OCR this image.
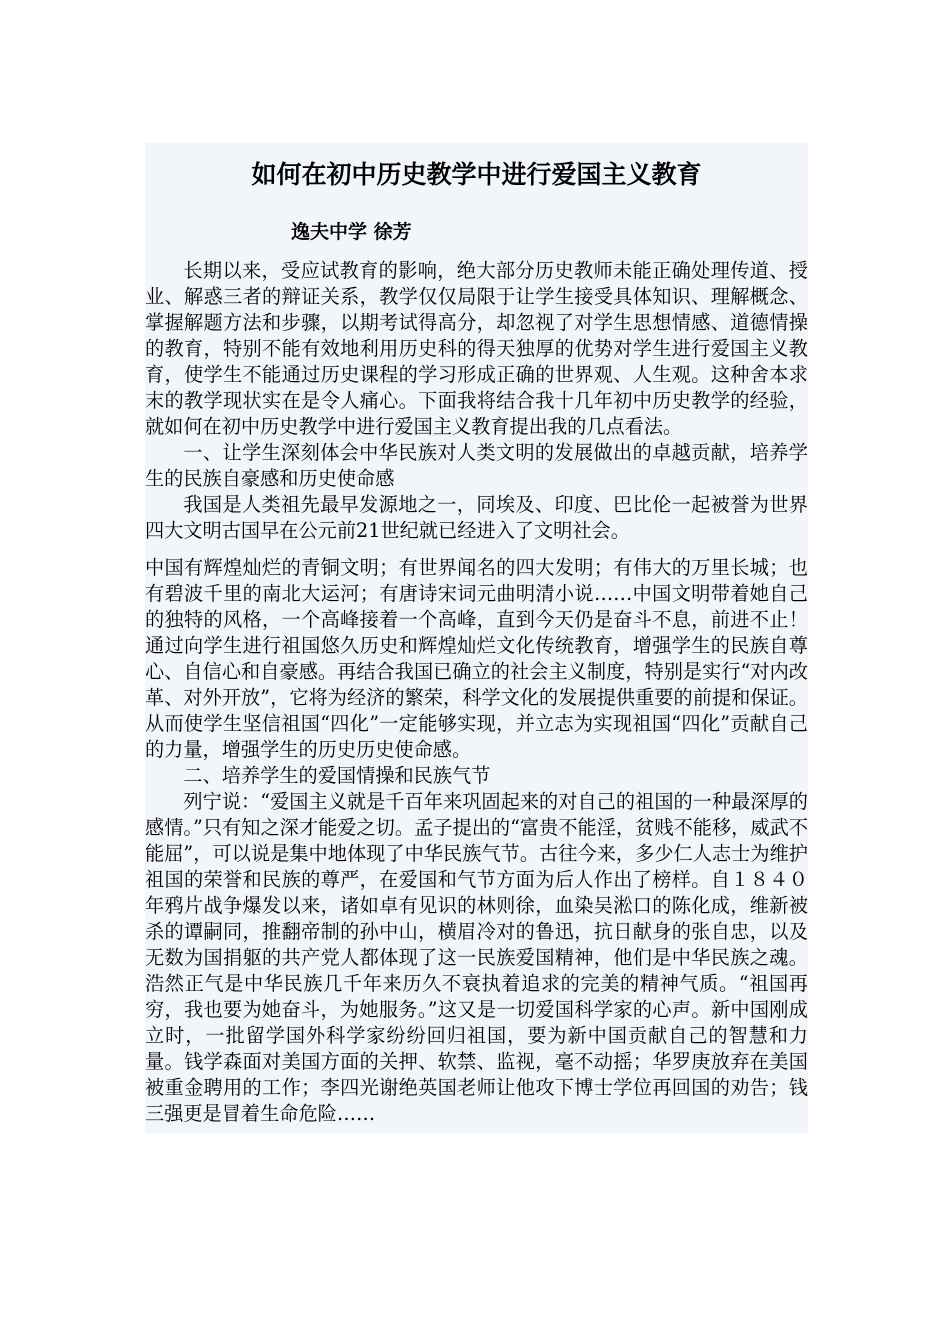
如何在初中历史教学中进行爱国主义教育
逸夫中学 徐芳

长期以来，受应试教育的影响，绝大部分历史教师未能正确处理传道、授业、解惑三者的辩证关系，教学仅仅局限于让学生接受具体知识、理解概念、掌握解题方法和步骤，以期考试得高分，却忽视了对学生思想情感、道德情操的教育，特别不能有效地利用历史科的得天独厚的优势对学生进行爱国主义教育，使学生不能通过历史课程的学习形成正确的世界观、人生观。这种舍本求末的教学现状实在是令人痛心。下面我将结合我十几年初中历史教学的经验，就如何在初中历史教学中进行爱国主义教育提出我的几点看法。

一、让学生深刻体会中华民族对人类文明的发展做出的卓越贡献，培养学生的民族自豪感和历史使命感

我国是人类祖先最早发源地之一，同埃及、印度、巴比伦一起被誉为世界四大文明古国早在公元前21世纪就已经进入了文明社会。

中国有辉煌灿烂的青铜文明；有世界闻名的四大发明；有伟大的万里长城；也有碧波千里的南北大运河；有唐诗宋词元曲明清小说……中国文明带着她自己的独特的风格，一个高峰接着一个高峰，直到今天仍是奋斗不息，前进不止！通过向学生进行祖国悠久历史和辉煌灿烂文化传统教育，增强学生的民族自尊心、自信心和自豪感。再结合我国已确立的社会主义制度，特别是实行“对内改革、对外开放”，它将为经济的繁荣，科学文化的发展提供重要的前提和保证。从而使学生坚信祖国“四化”一定能够实现，并立志为实现祖国“四化”贡献自己的力量，增强学生的历史历史使命感。

二、培养学生的爱国情操和民族气节

列宁说：“爱国主义就是千百年来巩固起来的对自己的祖国的一种最深厚的感情。”只有知之深才能爱之切。孟子提出的“富贵不能淫，贫贱不能移，威武不能屈”，可以说是集中地体现了中华民族气节。古往今来，多少仁人志士为维护祖国的荣誉和民族的尊严，在爱国和气节方面为后人作出了榜样。自１８４０年鸦片战争爆发以来，诸如卓有见识的林则徐，血染吴淞口的陈化成，维新被杀的谭嗣同，推翻帝制的孙中山，横眉冷对的鲁迅，抗日献身的张自忠，以及无数为国捐躯的共产党人都体现了这一民族爱国精神，他们是中华民族之魂。浩然正气是中华民族几千年来历久不衰执着追求的完美的精神气质。“祖国再穷，我也要为她奋斗，为她服务。”这又是一切爱国科学家的心声。新中国刚成立时，一批留学国外科学家纷纷回归祖国，要为新中国贡献自己的智慧和力量。钱学森面对美国方面的关押、软禁、监视，毫不动摇；华罗庚放弃在美国被重金聘用的工作；李四光谢绝英国老师让他攻下博士学位再回国的劝告；钱三强更是冒着生命危险……
